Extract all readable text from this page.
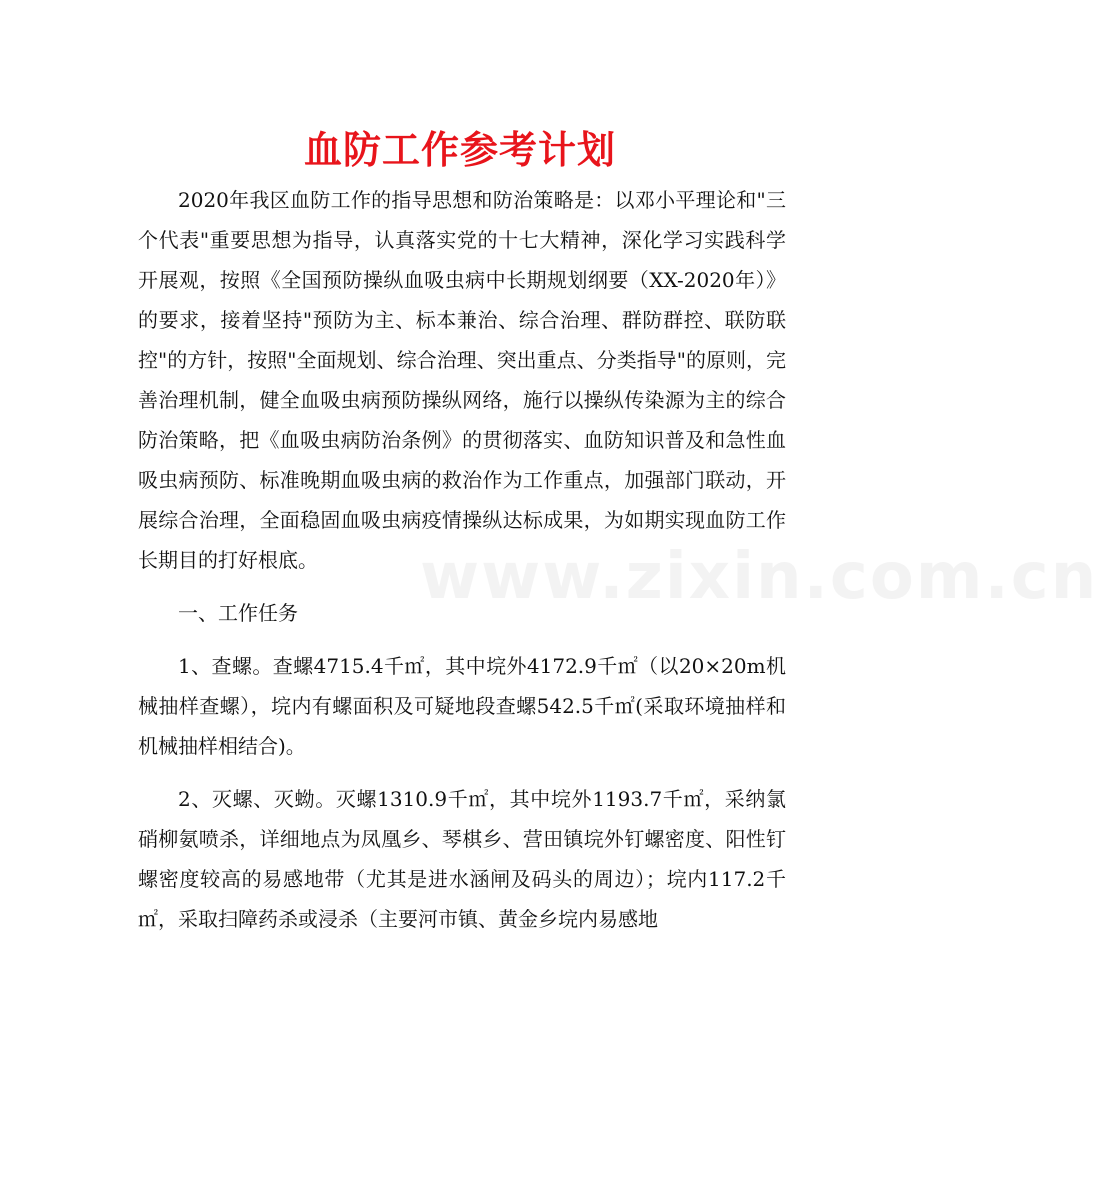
血防工作参考计划
www.zixin.com.cn

2020年我区血防工作的指导思想和防治策略是：以邓小平理论和"三个代表"重要思想为指导，认真落实党的十七大精神，深化学习实践科学开展观，按照《全国预防操纵血吸虫病中长期规划纲要（XX-2020年）》的要求，接着坚持"预防为主、标本兼治、综合治理、群防群控、联防联控"的方针，按照"全面规划、综合治理、突出重点、分类指导"的原则，完善治理机制，健全血吸虫病预防操纵网络，施行以操纵传染源为主的综合防治策略，把《血吸虫病防治条例》的贯彻落实、血防知识普及和急性血吸虫病预防、标准晚期血吸虫病的救治作为工作重点，加强部门联动，开展综合治理，全面稳固血吸虫病疫情操纵达标成果，为如期实现血防工作长期目的打好根底。

一、工作任务

1、查螺。查螺4715.4千㎡，其中垸外4172.9千㎡（以20×20m机械抽样查螺），垸内有螺面积及可疑地段查螺542.5千㎡(采取环境抽样和机械抽样相结合)。

2、灭螺、灭蚴。灭螺1310.9千㎡，其中垸外1193.7千㎡，采纳氯硝柳氨喷杀，详细地点为凤凰乡、琴棋乡、营田镇垸外钉螺密度、阳性钉螺密度较高的易感地带（尤其是进水涵闸及码头的周边）；垸内117.2千㎡，采取扫障药杀或浸杀（主要河市镇、黄金乡垸内易感地
